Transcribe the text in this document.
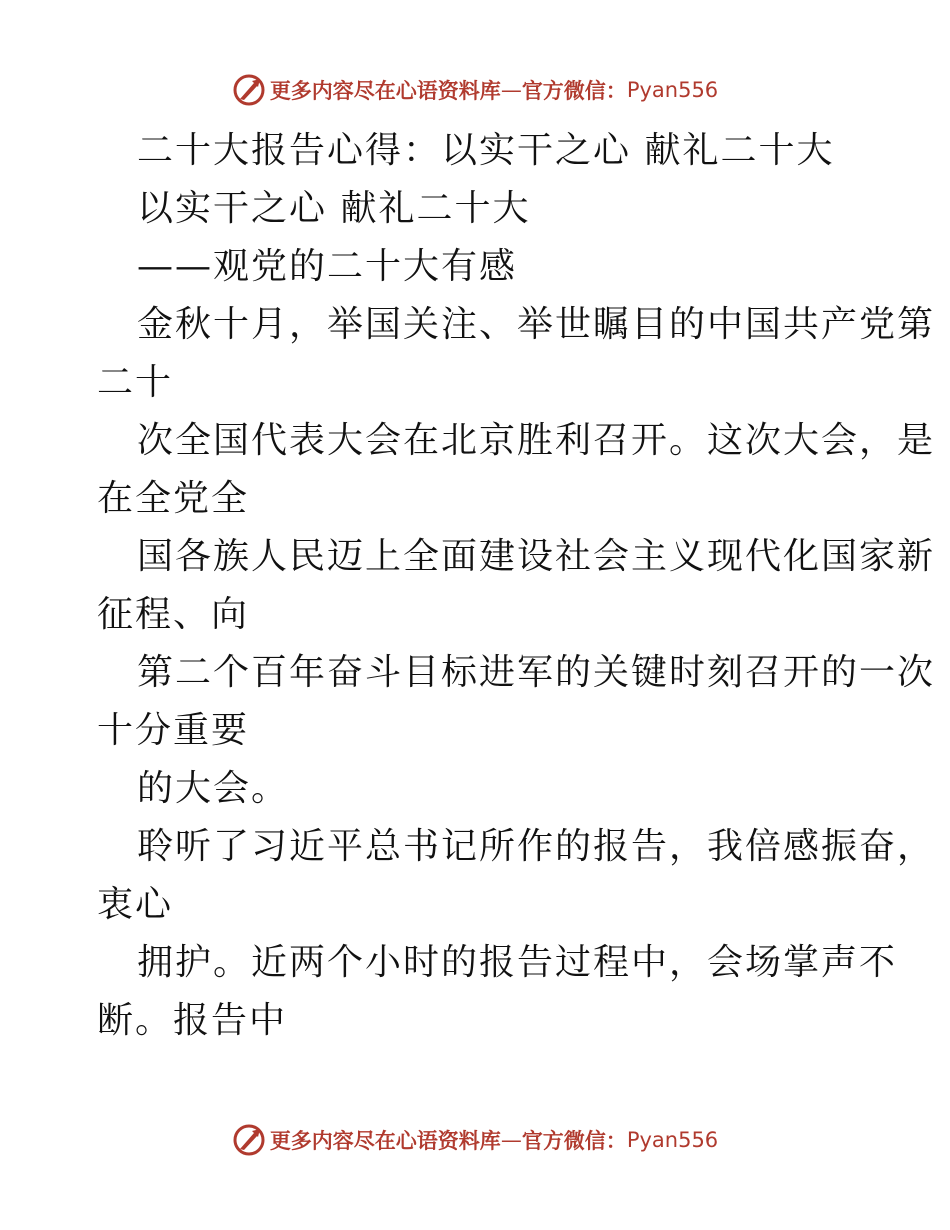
更多内容尽在心语资料库 — 官方微信： Pyan556
二十大报告心得：以实干之心 献礼二十大
以实干之心 献礼二十大
——观党的二十大有感
金秋十月，举国关注、举世瞩目的中国共产党第
二十
次全国代表大会在北京胜利召开。这次大会，是
在全党全
国各族人民迈上全面建设社会主义现代化国家新
征程、向
第二个百年奋斗目标进军的关键时刻召开的一次
十分重要
的大会。
聆听了习近平总书记所作的报告，我倍感振奋，
衷心
拥护。近两个小时的报告过程中，会场掌声不
断。报告中
更多内容尽在心语资料库 — 官方微信： Pyan556
